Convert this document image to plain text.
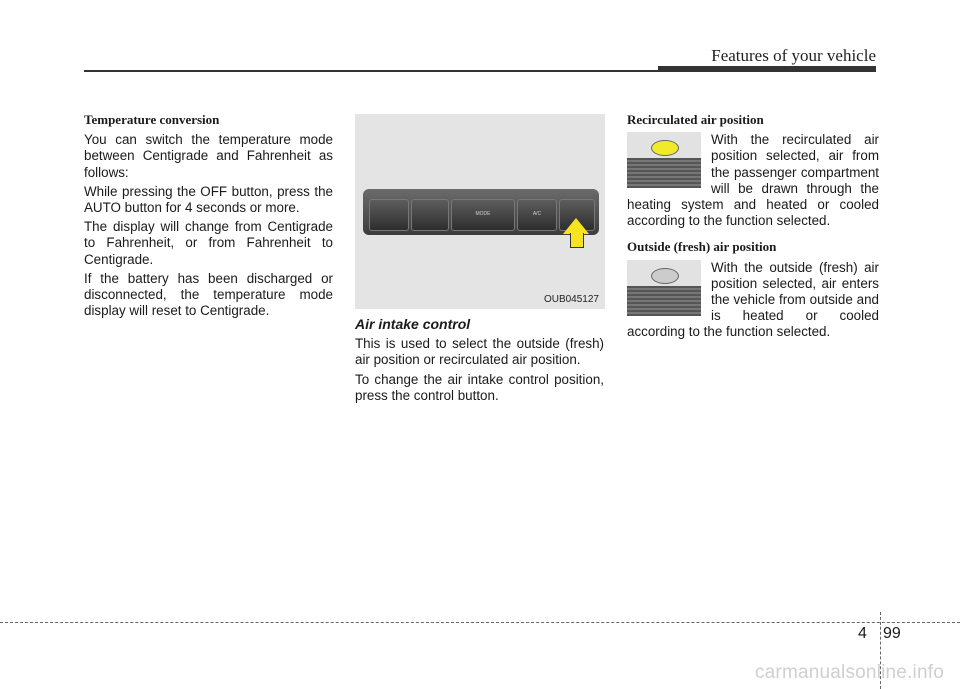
Features of your vehicle

Temperature conversion

You can switch the temperature mode between Centigrade and Fahrenheit as follows:

While pressing the OFF button, press the AUTO button for 4 seconds or more.

The display will change from Centigrade to Fahrenheit, or from Fahrenheit to Centigrade.

If the battery has been discharged or disconnected, the temperature mode display will reset to Centigrade.

MODE	A/C
OUB045127

Air intake control

This is used to select the outside (fresh) air position or recirculated air position.

To change the air intake control position, press the control button.

Recirculated air position

With the recirculated air position selected, air from the passenger compartment will be drawn through the heating system and heated or cooled according to the function selected.

Outside (fresh) air position

With the outside (fresh) air position selected, air enters the vehicle from outside and is heated or cooled according to the function selected.

4 99
carmanualsonline.info
